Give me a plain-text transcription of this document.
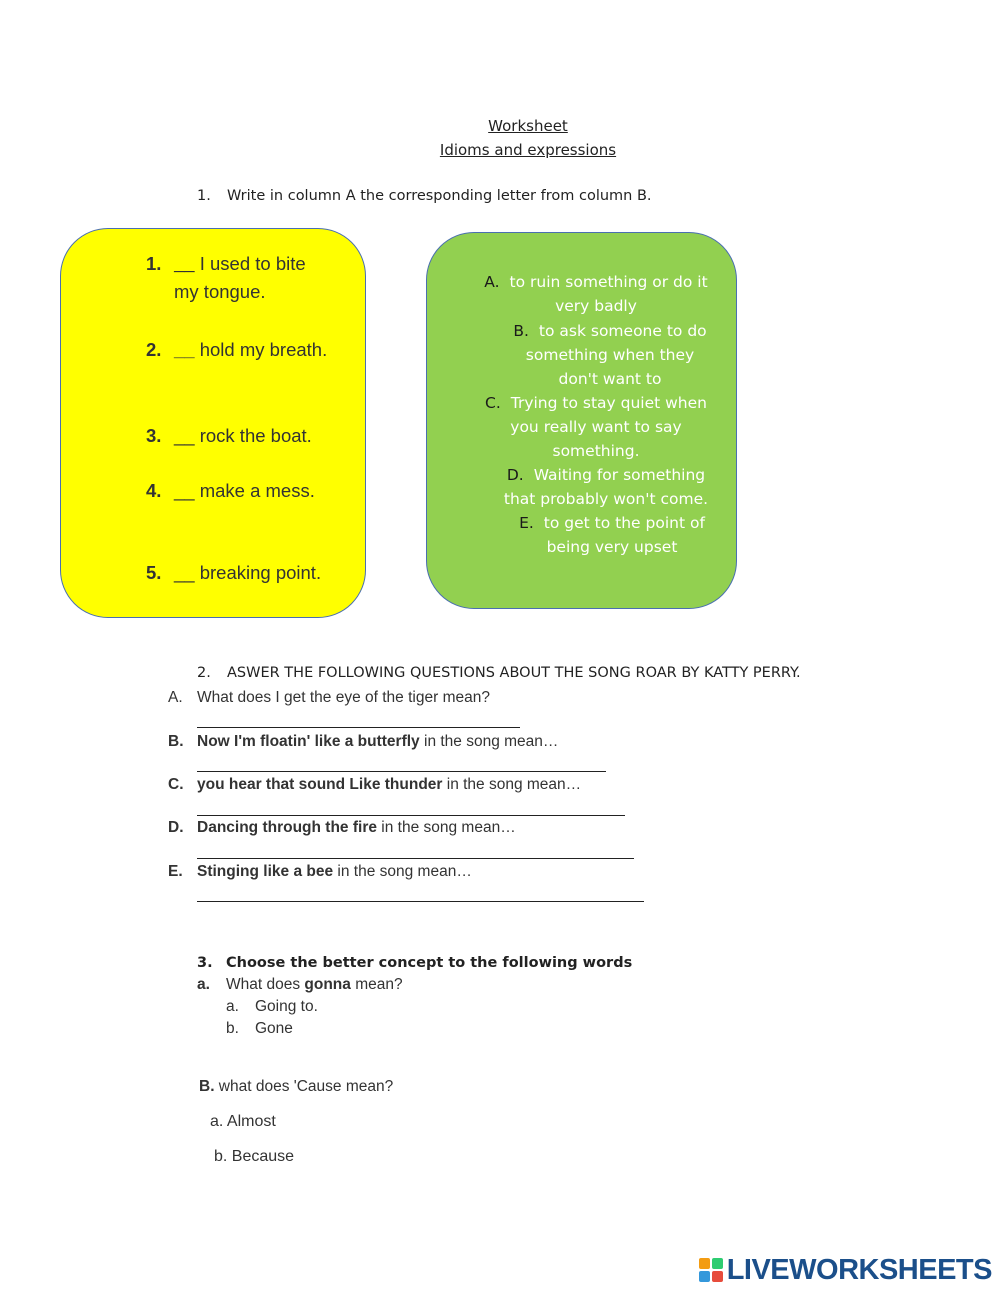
Worksheet
Idioms and expressions
1. Write in column A the corresponding letter from column B.
1. __ I used to bite
my tongue.
2. __ hold my breath.
3. __ rock the boat.
4. __ make a mess.
5. __ breaking point.
A. to ruin something or do it
very badly
B. to ask someone to do
something when they
don't want to
C. Trying to stay quiet when
you really want to say
something.
D. Waiting for something
that probably won't come.
E. to get to the point of
being very upset
2. ASWER THE FOLLOWING QUESTIONS ABOUT THE SONG ROAR BY KATTY PERRY.
A. What does I get the eye of the tiger mean?
B. Now I'm floatin' like a butterfly in the song mean…
C. you hear that sound Like thunder in the song mean…
D. Dancing through the fire in the song mean…
E. Stinging like a bee in the song mean…
3. Choose the better concept to the following words
a. What does gonna mean?
a. Going to.
b. Gone
B. what does 'Cause mean?
a. Almost
b. Because
LIVEWORKSHEETS
